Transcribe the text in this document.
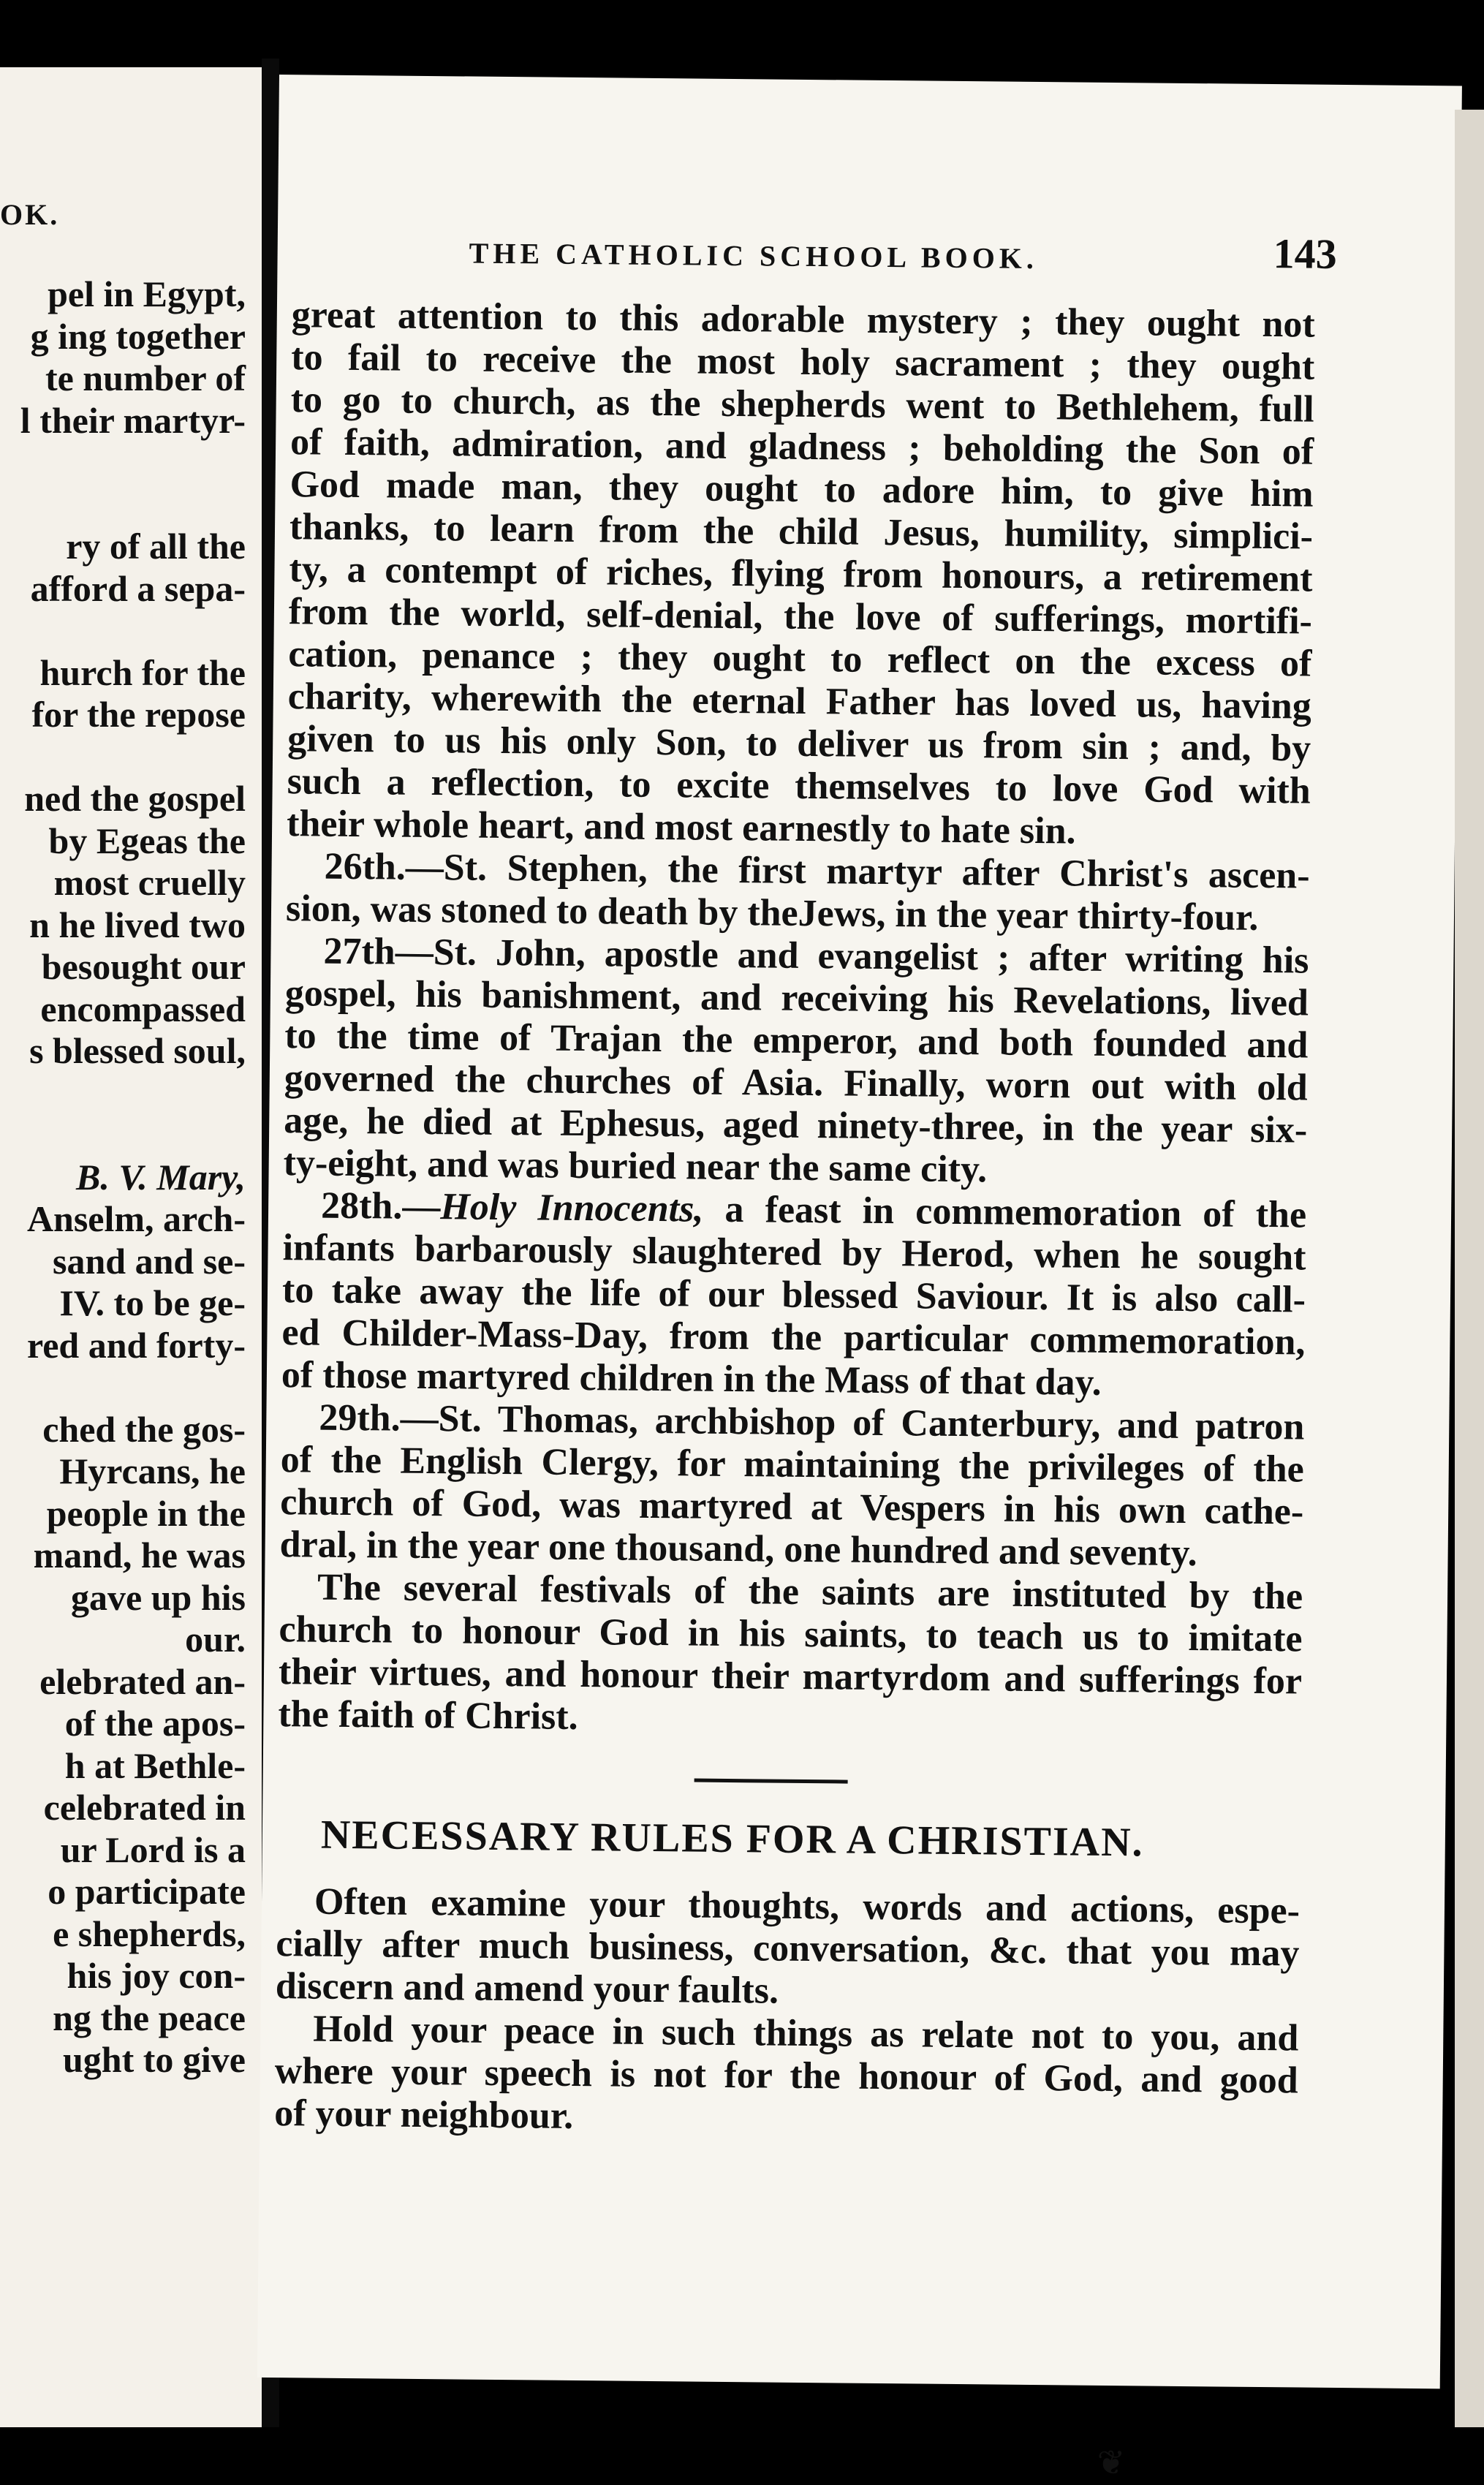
OK.
pel in Egypt,
g ing together
te number of
l their martyr-

ry of all the
afford a sepa-

hurch for the
for the repose

ned the gospel
by Egeas the
most cruelly
n he lived two
besought our
encompassed
s blessed soul,

B. V. Mary,
Anselm, arch-
sand and se-
IV. to be ge-
red and forty-

ched the gos-
Hyrcans, he
people in the
mand, he was
gave up his
our.
elebrated an-
of the apos-
h at Bethle-
celebrated in
ur Lord is a
o participate
e shepherds,
his joy con-
ng the peace
ught to give
THE CATHOLIC SCHOOL BOOK.	143
great attention to this adorable mystery ; they ought not
to fail to receive the most holy sacrament ; they ought
to go to church, as the shepherds went to Bethlehem, full
of faith, admiration, and gladness ; beholding the Son of
God made man, they ought to adore him, to give him
thanks, to learn from the child Jesus, humility, simplici-
ty, a contempt of riches, flying from honours, a retirement
from the world, self-denial, the love of sufferings, mortifi-
cation, penance ; they ought to reflect on the excess of
charity, wherewith the eternal Father has loved us, having
given to us his only Son, to deliver us from sin ; and, by
such a reflection, to excite themselves to love God with
their whole heart, and most earnestly to hate sin.
26th.—St. Stephen, the first martyr after Christ's ascen-
sion, was stoned to death by theJews, in the year thirty-four.
27th—St. John, apostle and evangelist ; after writing his
gospel, his banishment, and receiving his Revelations, lived
to the time of Trajan the emperor, and both founded and
governed the churches of Asia. Finally, worn out with old
age, he died at Ephesus, aged ninety-three, in the year six-
ty-eight, and was buried near the same city.
28th.—Holy Innocents, a feast in commemoration of the
infants barbarously slaughtered by Herod, when he sought
to take away the life of our blessed Saviour. It is also call-
ed Childer-Mass-Day, from the particular commemoration,
of those martyred children in the Mass of that day.
29th.—St. Thomas, archbishop of Canterbury, and patron
of the English Clergy, for maintaining the privileges of the
church of God, was martyred at Vespers in his own cathe-
dral, in the year one thousand, one hundred and seventy.
The several festivals of the saints are instituted by the
church to honour God in his saints, to teach us to imitate
their virtues, and honour their martyrdom and sufferings for
the faith of Christ.
NECESSARY RULES FOR A CHRISTIAN.
Often examine your thoughts, words and actions, espe-
cially after much business, conversation, &c. that you may
discern and amend your faults.
Hold your peace in such things as relate not to you, and
where your speech is not for the honour of God, and good
of your neighbour.
❦
